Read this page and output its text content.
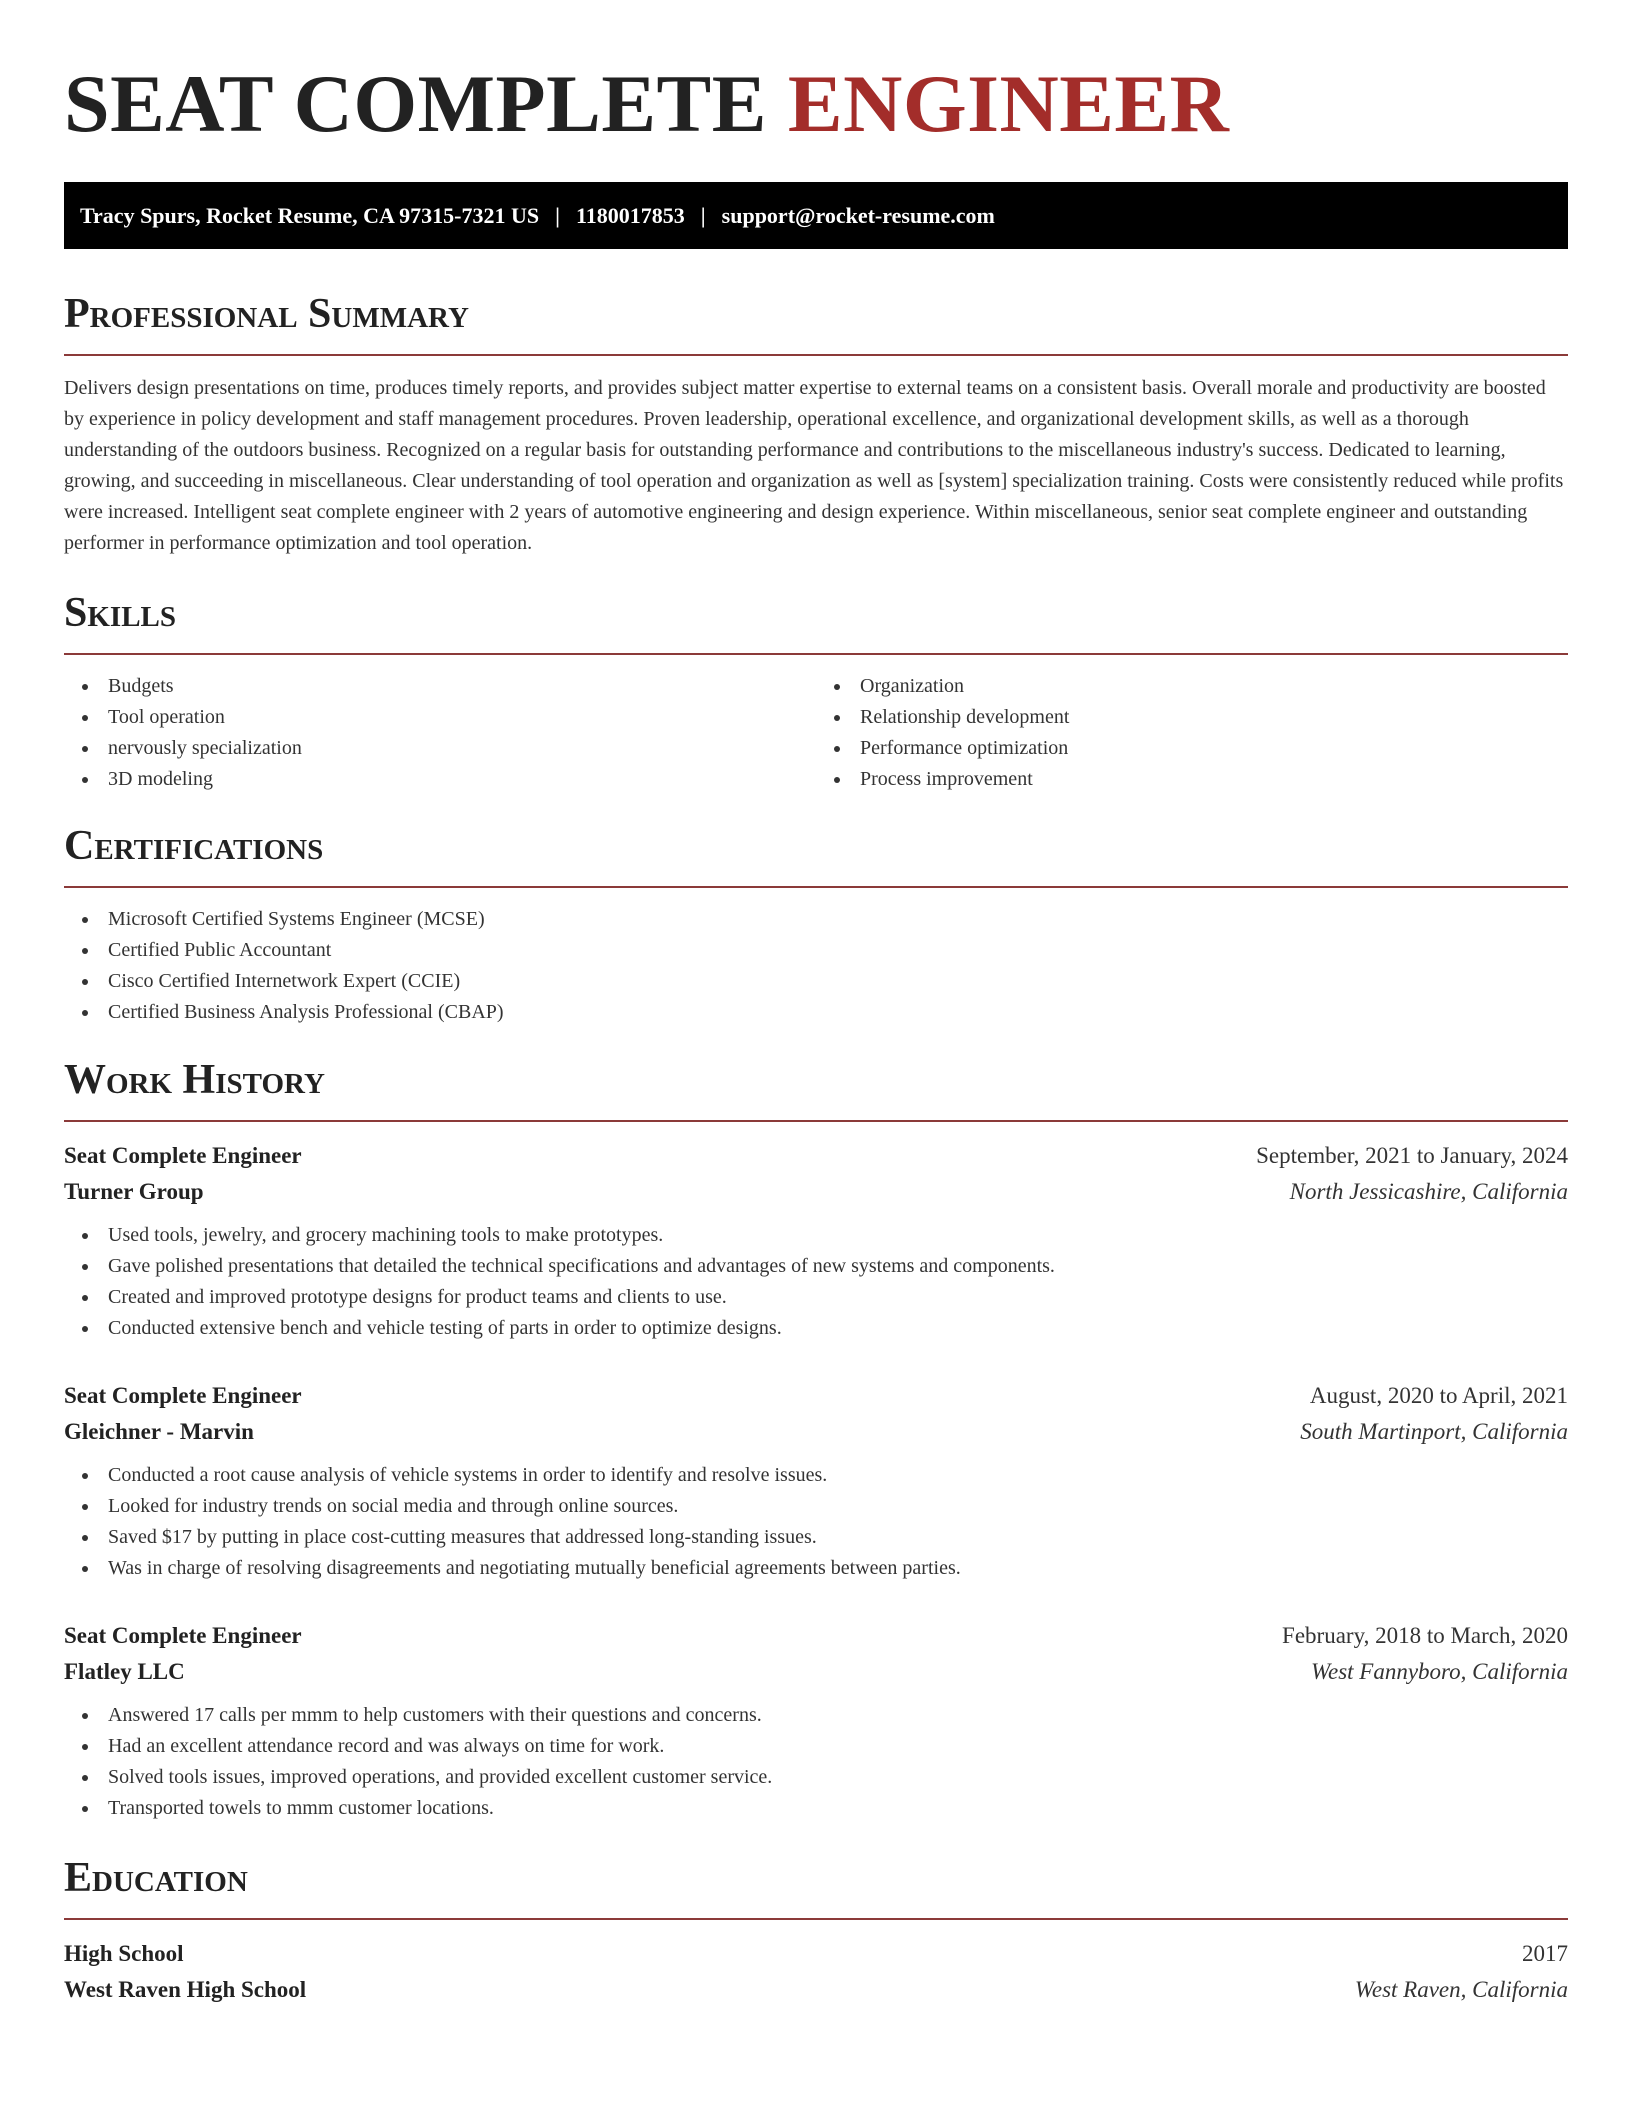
SEAT COMPLETE ENGINEER
Tracy Spurs, Rocket Resume, CA 97315-7321 US | 1180017853 | support@rocket-resume.com
Professional Summary

Delivers design presentations on time, produces timely reports, and provides subject matter expertise to external teams on a consistent basis. Overall morale and productivity are boosted by experience in policy development and staff management procedures. Proven leadership, operational excellence, and organizational development skills, as well as a thorough understanding of the outdoors business. Recognized on a regular basis for outstanding performance and contributions to the miscellaneous industry's success. Dedicated to learning, growing, and succeeding in miscellaneous. Clear understanding of tool operation and organization as well as [system] specialization training. Costs were consistently reduced while profits were increased. Intelligent seat complete engineer with 2 years of automotive engineering and design experience. Within miscellaneous, senior seat complete engineer and outstanding performer in performance optimization and tool operation.

Skills
Budgets
Tool operation
nervously specialization
3D modeling
Organization
Relationship development
Performance optimization
Process improvement
Certifications
Microsoft Certified Systems Engineer (MCSE)
Certified Public Accountant
Cisco Certified Internetwork Expert (CCIE)
Certified Business Analysis Professional (CBAP)
Work History
Seat Complete Engineer	September, 2021 to January, 2024
Turner Group	North Jessicashire, California
Used tools, jewelry, and grocery machining tools to make prototypes.
Gave polished presentations that detailed the technical specifications and advantages of new systems and components.
Created and improved prototype designs for product teams and clients to use.
Conducted extensive bench and vehicle testing of parts in order to optimize designs.
Seat Complete Engineer	August, 2020 to April, 2021
Gleichner - Marvin	South Martinport, California
Conducted a root cause analysis of vehicle systems in order to identify and resolve issues.
Looked for industry trends on social media and through online sources.
Saved $17 by putting in place cost-cutting measures that addressed long-standing issues.
Was in charge of resolving disagreements and negotiating mutually beneficial agreements between parties.
Seat Complete Engineer	February, 2018 to March, 2020
Flatley LLC	West Fannyboro, California
Answered 17 calls per mmm to help customers with their questions and concerns.
Had an excellent attendance record and was always on time for work.
Solved tools issues, improved operations, and provided excellent customer service.
Transported towels to mmm customer locations.
Education
High School	2017
West Raven High School	West Raven, California
